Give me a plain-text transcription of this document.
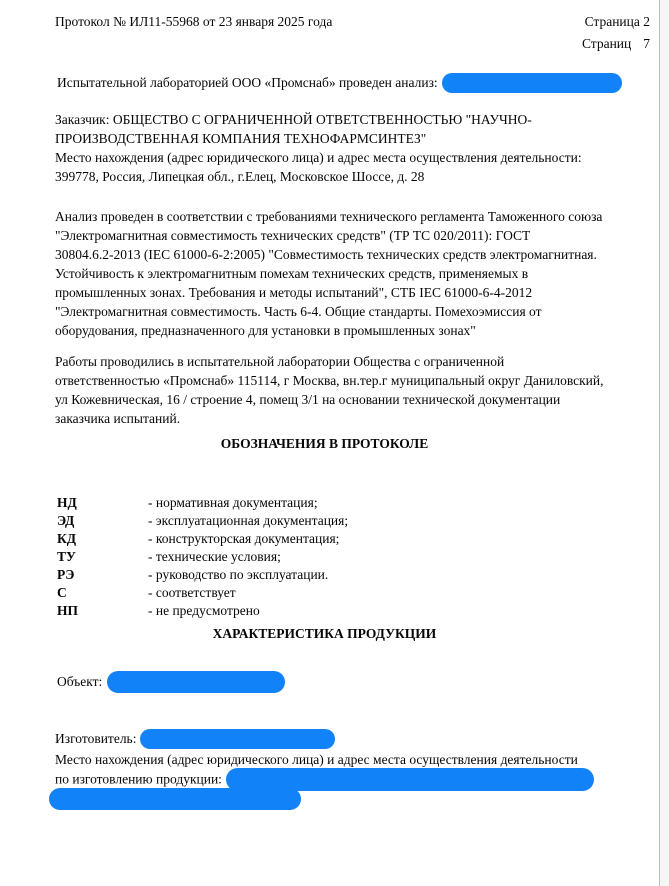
Протокол № ИЛ11-55968 от 23 января 2025 года	Страница 2
Страниц 7
Испытательной лабораторией ООО «Промснаб» проведен анализ:
Заказчик: ОБЩЕСТВО С ОГРАНИЧЕННОЙ ОТВЕТСТВЕННОСТЬЮ "НАУЧНО-
ПРОИЗВОДСТВЕННАЯ КОМПАНИЯ ТЕХНОФАРМСИНТЕЗ"
Место нахождения (адрес юридического лица) и адрес места осуществления деятельности:
399778, Россия, Липецкая обл., г.Елец, Московское Шоссе, д. 28
Анализ проведен в соответствии с требованиями технического регламента Таможенного союза
"Электромагнитная совместимость технических средств" (ТР ТС 020/2011): ГОСТ
30804.6.2-2013 (IEC 61000-6-2:2005) "Совместимость технических средств электромагнитная.
Устойчивость к электромагнитным помехам технических средств, применяемых в
промышленных зонах. Требования и методы испытаний", СТБ IEC 61000-6-4-2012
"Электромагнитная совместимость. Часть 6-4. Общие стандарты. Помехоэмиссия от
оборудования, предназначенного для установки в промышленных зонах"
Работы проводились в испытательной лаборатории Общества с ограниченной
ответственностью «Промснаб» 115114, г Москва, вн.тер.г муниципальный округ Даниловский,
ул Кожевническая, 16 / строение 4, помещ 3/1 на основании технической документации
заказчика испытаний.
ОБОЗНАЧЕНИЯ В ПРОТОКОЛЕ
НД	- нормативная документация;
ЭД	- эксплуатационная документация;
КД	- конструкторская документация;
ТУ	- технические условия;
РЭ	- руководство по эксплуатации.
С	- соответствует
НП	- не предусмотрено
ХАРАКТЕРИСТИКА ПРОДУКЦИИ
Объект:
Изготовитель:
Место нахождения (адрес юридического лица) и адрес места осуществления деятельности
по изготовлению продукции:
